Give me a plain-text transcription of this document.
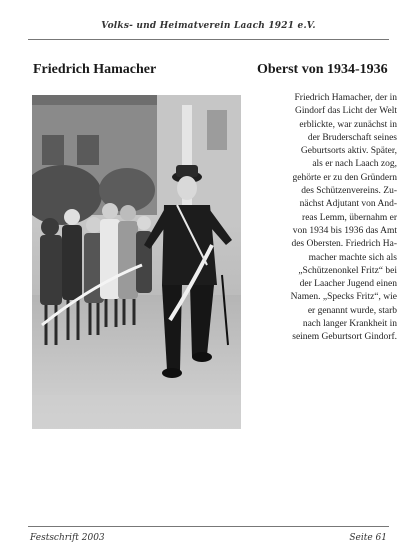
Volks- und Heimatverein Laach 1921 e.V.
Friedrich Hamacher	Oberst von 1934-1936
Friedrich Hamacher, der in
Gindorf das Licht der Welt
erblickte, war zunächst in
der Bruderschaft seines
Geburtsorts aktiv. Später,
als er nach Laach zog,
gehörte er zu den Gründern
des Schützenvereins. Zu-
nächst Adjutant von And-
reas Lemm, übernahm er
von 1934 bis 1936 das Amt
des Obersten. Friedrich Ha-
macher machte sich als
„Schützenonkel Fritz“ bei
der Laacher Jugend einen
Namen. „Specks Fritz“, wie
er genannt wurde, starb
nach langer Krankheit in
seinem Geburtsort Gindorf.
Festschrift 2003	Seite 61
